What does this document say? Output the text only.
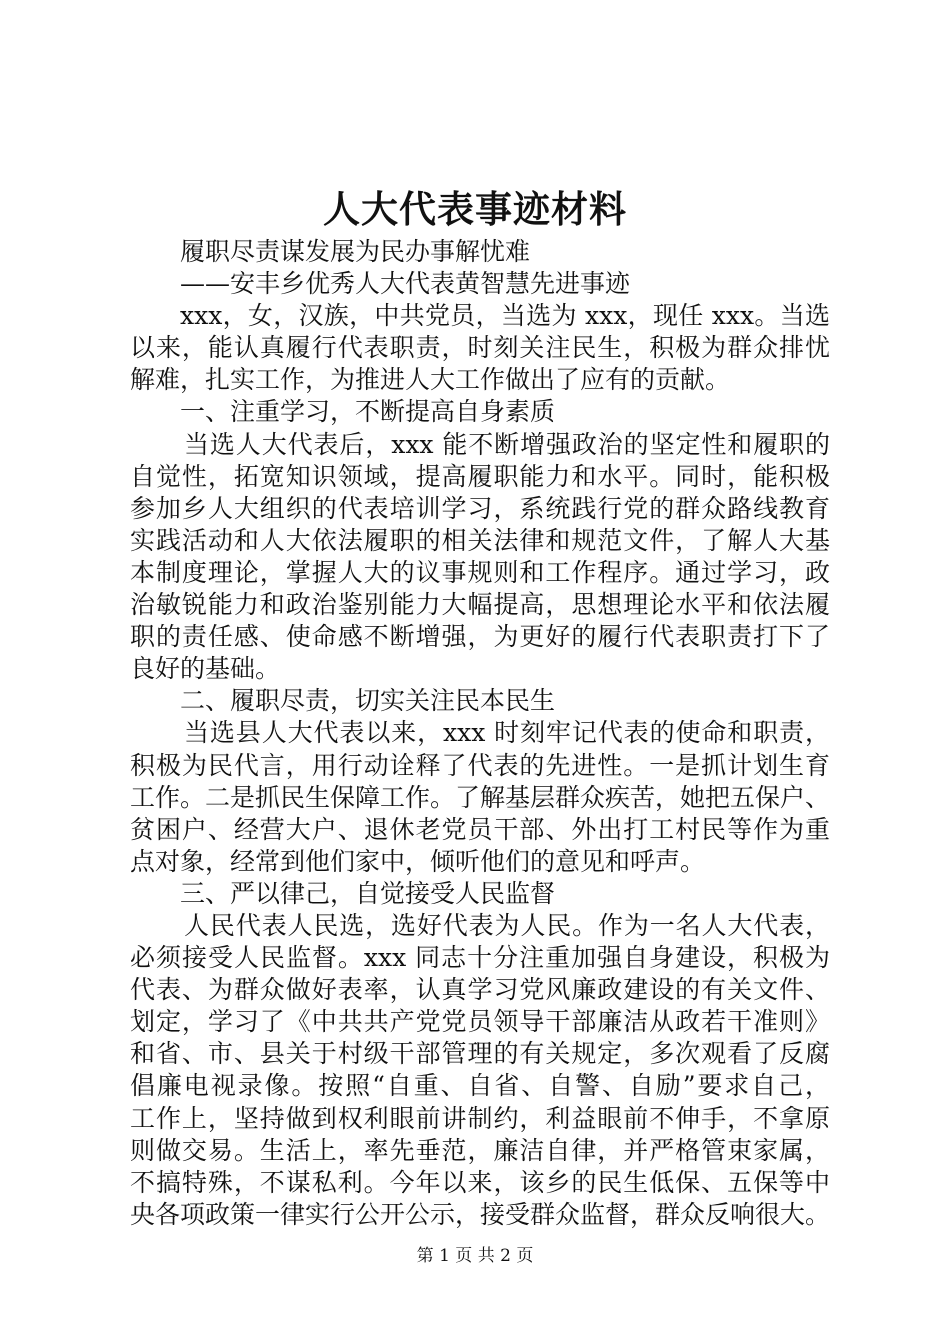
人大代表事迹材料
履职尽责谋发展为民办事解忧难
——安丰乡优秀人大代表黄智慧先进事迹
xxx，女，汉族，中共党员，当选为 xxx，现任 xxx。当选
以来，能认真履行代表职责，时刻关注民生，积极为群众排忧
解难，扎实工作，为推进人大工作做出了应有的贡献。
一、注重学习，不断提高自身素质
当选人大代表后，xxx 能不断增强政治的坚定性和履职的
自觉性，拓宽知识领域，提高履职能力和水平。同时，能积极
参加乡人大组织的代表培训学习，系统践行党的群众路线教育
实践活动和人大依法履职的相关法律和规范文件，了解人大基
本制度理论，掌握人大的议事规则和工作程序。通过学习，政
治敏锐能力和政治鉴别能力大幅提高，思想理论水平和依法履
职的责任感、使命感不断增强，为更好的履行代表职责打下了
良好的基础。
二、履职尽责，切实关注民本民生
当选县人大代表以来，xxx 时刻牢记代表的使命和职责，
积极为民代言，用行动诠释了代表的先进性。一是抓计划生育
工作。二是抓民生保障工作。了解基层群众疾苦，她把五保户、
贫困户、经营大户、退休老党员干部、外出打工村民等作为重
点对象，经常到他们家中，倾听他们的意见和呼声。
三、严以律己，自觉接受人民监督
人民代表人民选，选好代表为人民。作为一名人大代表，
必须接受人民监督。xxx 同志十分注重加强自身建设，积极为
代表、为群众做好表率，认真学习党风廉政建设的有关文件、
划定，学习了《中共共产党党员领导干部廉洁从政若干准则》
和省、市、县关于村级干部管理的有关规定，多次观看了反腐
倡廉电视录像。按照“自重、自省、自警、自励”要求自己，
工作上，坚持做到权利眼前讲制约，利益眼前不伸手，不拿原
则做交易。生活上，率先垂范，廉洁自律，并严格管束家属，
不搞特殊，不谋私利。今年以来，该乡的民生低保、五保等中
央各项政策一律实行公开公示，接受群众监督，群众反响很大。
第 1 页 共 2 页
